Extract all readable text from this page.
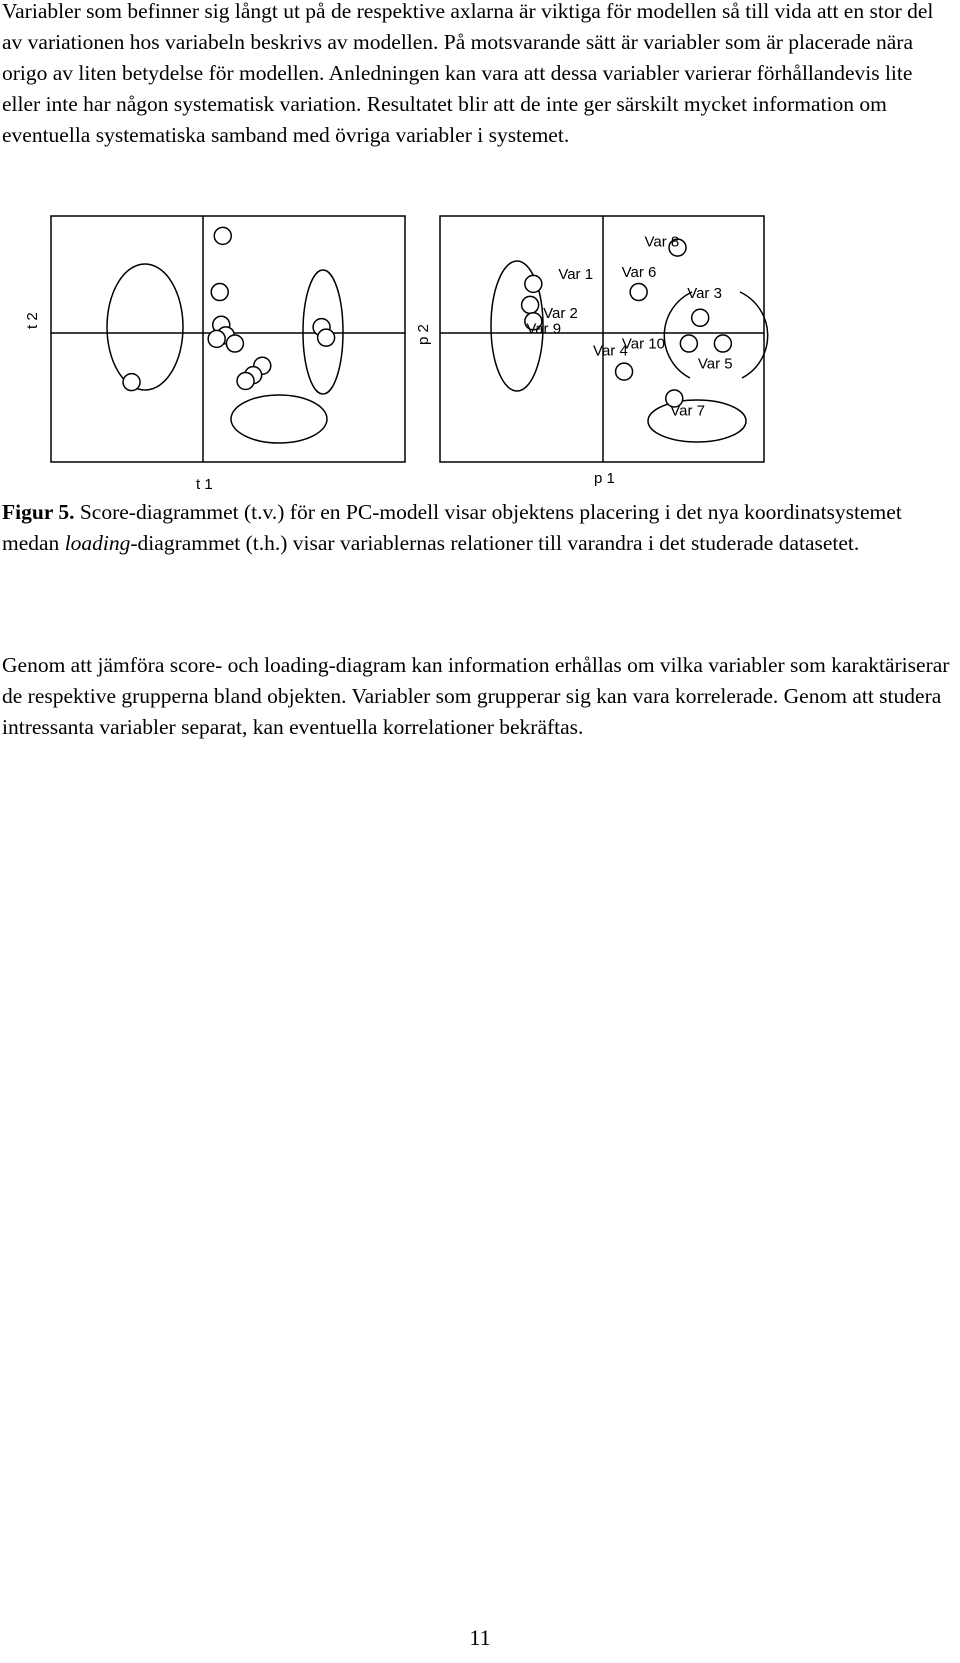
Variabler som befinner sig långt ut på de respektive axlarna är viktiga för modellen så till vida att en stor del av variationen hos variabeln beskrivs av modellen. På motsvarande sätt är variabler som är placerade nära origo av liten betydelse för modellen. Anledningen kan vara att dessa variabler varierar förhållandevis lite eller inte har någon systematisk variation. Resultatet blir att de inte ger särskilt mycket information om eventuella systematiska samband med övriga variabler i systemet.

t 1
t 2
Var 1
Var 2
Var 9
Var 6
Var 8
Var 3
Var 10
Var 5
Var 4
Var 7
p 1
p 2

Figur 5. Score-diagrammet (t.v.) för en PC-modell visar objektens placering i det nya koordinatsystemet medan loading-diagrammet (t.h.) visar variablernas relationer till varandra i det studerade datasetet.

Genom att jämföra score- och loading-diagram kan information erhållas om vilka variabler som karaktäriserar de respektive grupperna bland objekten. Variabler som grupperar sig kan vara korrelerade. Genom att studera intressanta variabler separat, kan eventuella korrelationer bekräftas.

11
